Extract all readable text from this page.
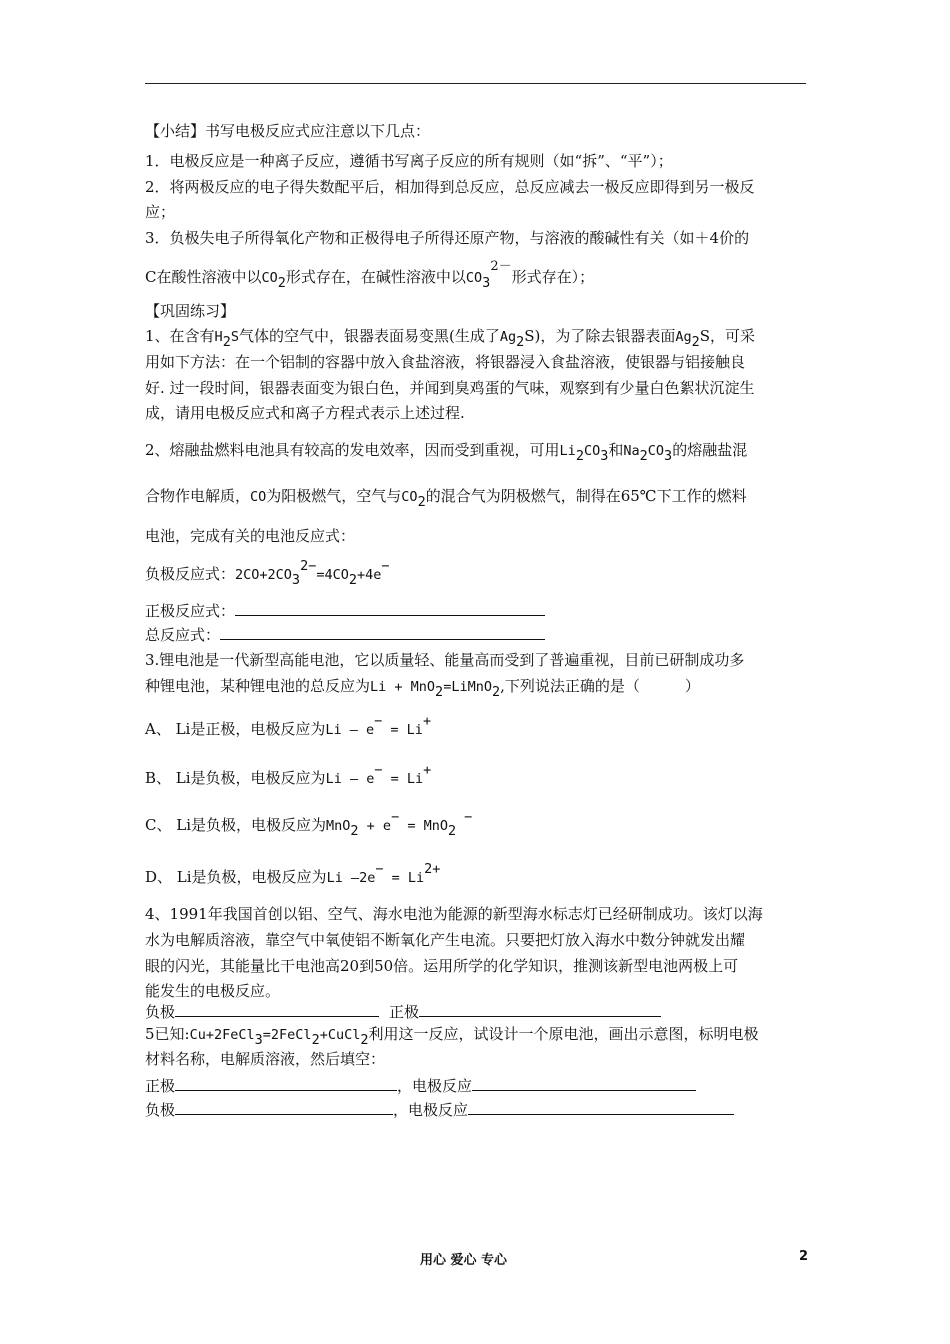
【小结】书写电极反应式应注意以下几点：
1．电极反应是一种离子反应，遵循书写离子反应的所有规则（如“拆”、“平”）；
2．将两极反应的电子得失数配平后，相加得到总反应，总反应减去一极反应即得到另一极反
应；
3．负极失电子所得氧化产物和正极得电子所得还原产物，与溶液的酸碱性有关（如＋4价的
C在酸性溶液中以$CO_2$形式存在，在碱性溶液中以$CO_3^{2-}$形式存在）；
【巩固练习】
1、在含有$H_2S$气体的空气中，银器表面易变黑(生成了$Ag_2S$)，为了除去银器表面$Ag_2S$，可采
用如下方法：在一个铝制的容器中放入食盐溶液，将银器浸入食盐溶液，使银器与铝接触良
好. 过一段时间，银器表面变为银白色，并闻到臭鸡蛋的气味，观察到有少量白色絮状沉淀生
成，请用电极反应式和离子方程式表示上述过程.
2、熔融盐燃料电池具有较高的发电效率，因而受到重视，可用$Li_2CO_3$和$Na_2CO_3$的熔融盐混
合物作电解质，CO为阳极燃气，空气与$CO_2$的混合气为阴极燃气，制得在65℃下工作的燃料
电池，完成有关的电池反应式：
负极反应式：$2CO+2CO_3^{2-}=4CO_2+4e^-$
正极反应式：
总反应式：
3.锂电池是一代新型高能电池，它以质量轻、能量高而受到了普遍重视，目前已研制成功多
种锂电池，某种锂电池的总反应为Li + MnO$_2$=LiMnO$_2$,下列说法正确的是（　　　）
A、 Li是正极，电极反应为Li — e− = Li+
B、 Li是负极，电极反应为Li — e− = Li+
C、 Li是负极，电极反应为MnO$_2$ + e− = MnO$_2$−
D、 Li是负极，电极反应为Li —2e− = $Li^{2+}$
4、1991年我国首创以铝、空气、海水电池为能源的新型海水标志灯已经研制成功。该灯以海
水为电解质溶液，靠空气中氧使铝不断氧化产生电流。只要把灯放入海水中数分钟就发出耀
眼的闪光，其能量比干电池高20到50倍。运用所学的化学知识，推测该新型电池两极上可
能发生的电极反应。
负极	正极
5已知:Cu+2FeCl$_3$=2FeCl$_2$+CuCl$_2$利用这一反应，试设计一个原电池，画出示意图，标明电极
材料名称，电解质溶液，然后填空：
正极	，电极反应
负极	，电极反应
用心 爱心 专心	2
